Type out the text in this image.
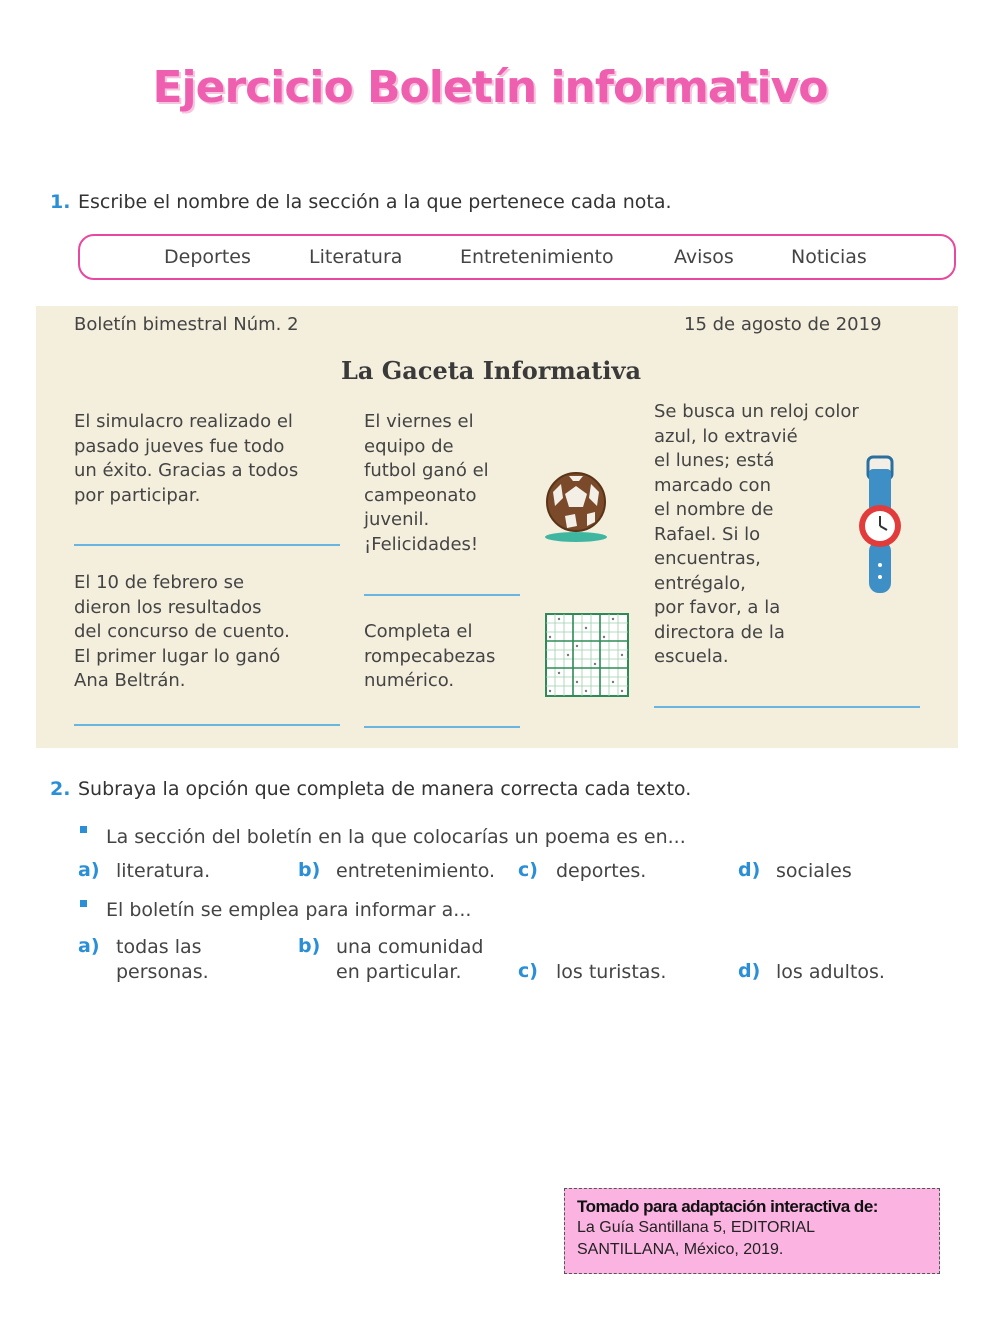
Ejercicio Boletín informativo
1. Escribe el nombre de la sección a la que pertenece cada nota.
Deportes	Literatura	Entretenimiento	Avisos	Noticias
Boletín bimestral Núm. 2	15 de agosto de 2019
La Gaceta Informativa
El simulacro realizado el
pasado jueves fue todo
un éxito. Gracias a todos
por participar.
El 10 de febrero se
dieron los resultados
del concurso de cuento.
El primer lugar lo ganó
Ana Beltrán.
El viernes el
equipo de
futbol ganó el
campeonato
juvenil.
¡Felicidades!
Completa el
rompecabezas
numérico.
Se busca un reloj color
azul, lo extravié
el lunes; está
marcado con
el nombre de
Rafael. Si lo
encuentras,
entrégalo,
por favor, a la
directora de la
escuela.
2. Subraya la opción que completa de manera correcta cada texto.
La sección del boletín en la que colocarías un poema es en...
a) literatura.	b) entretenimiento. c) deportes.	d) sociales
El boletín se emplea para informar a...
a) todas las
personas.
b) una comunidad
en particular.	c) los turistas.	d) los adultos.
Tomado para adaptación interactiva de:
La Guía Santillana 5, EDITORIAL
SANTILLANA, México, 2019.
